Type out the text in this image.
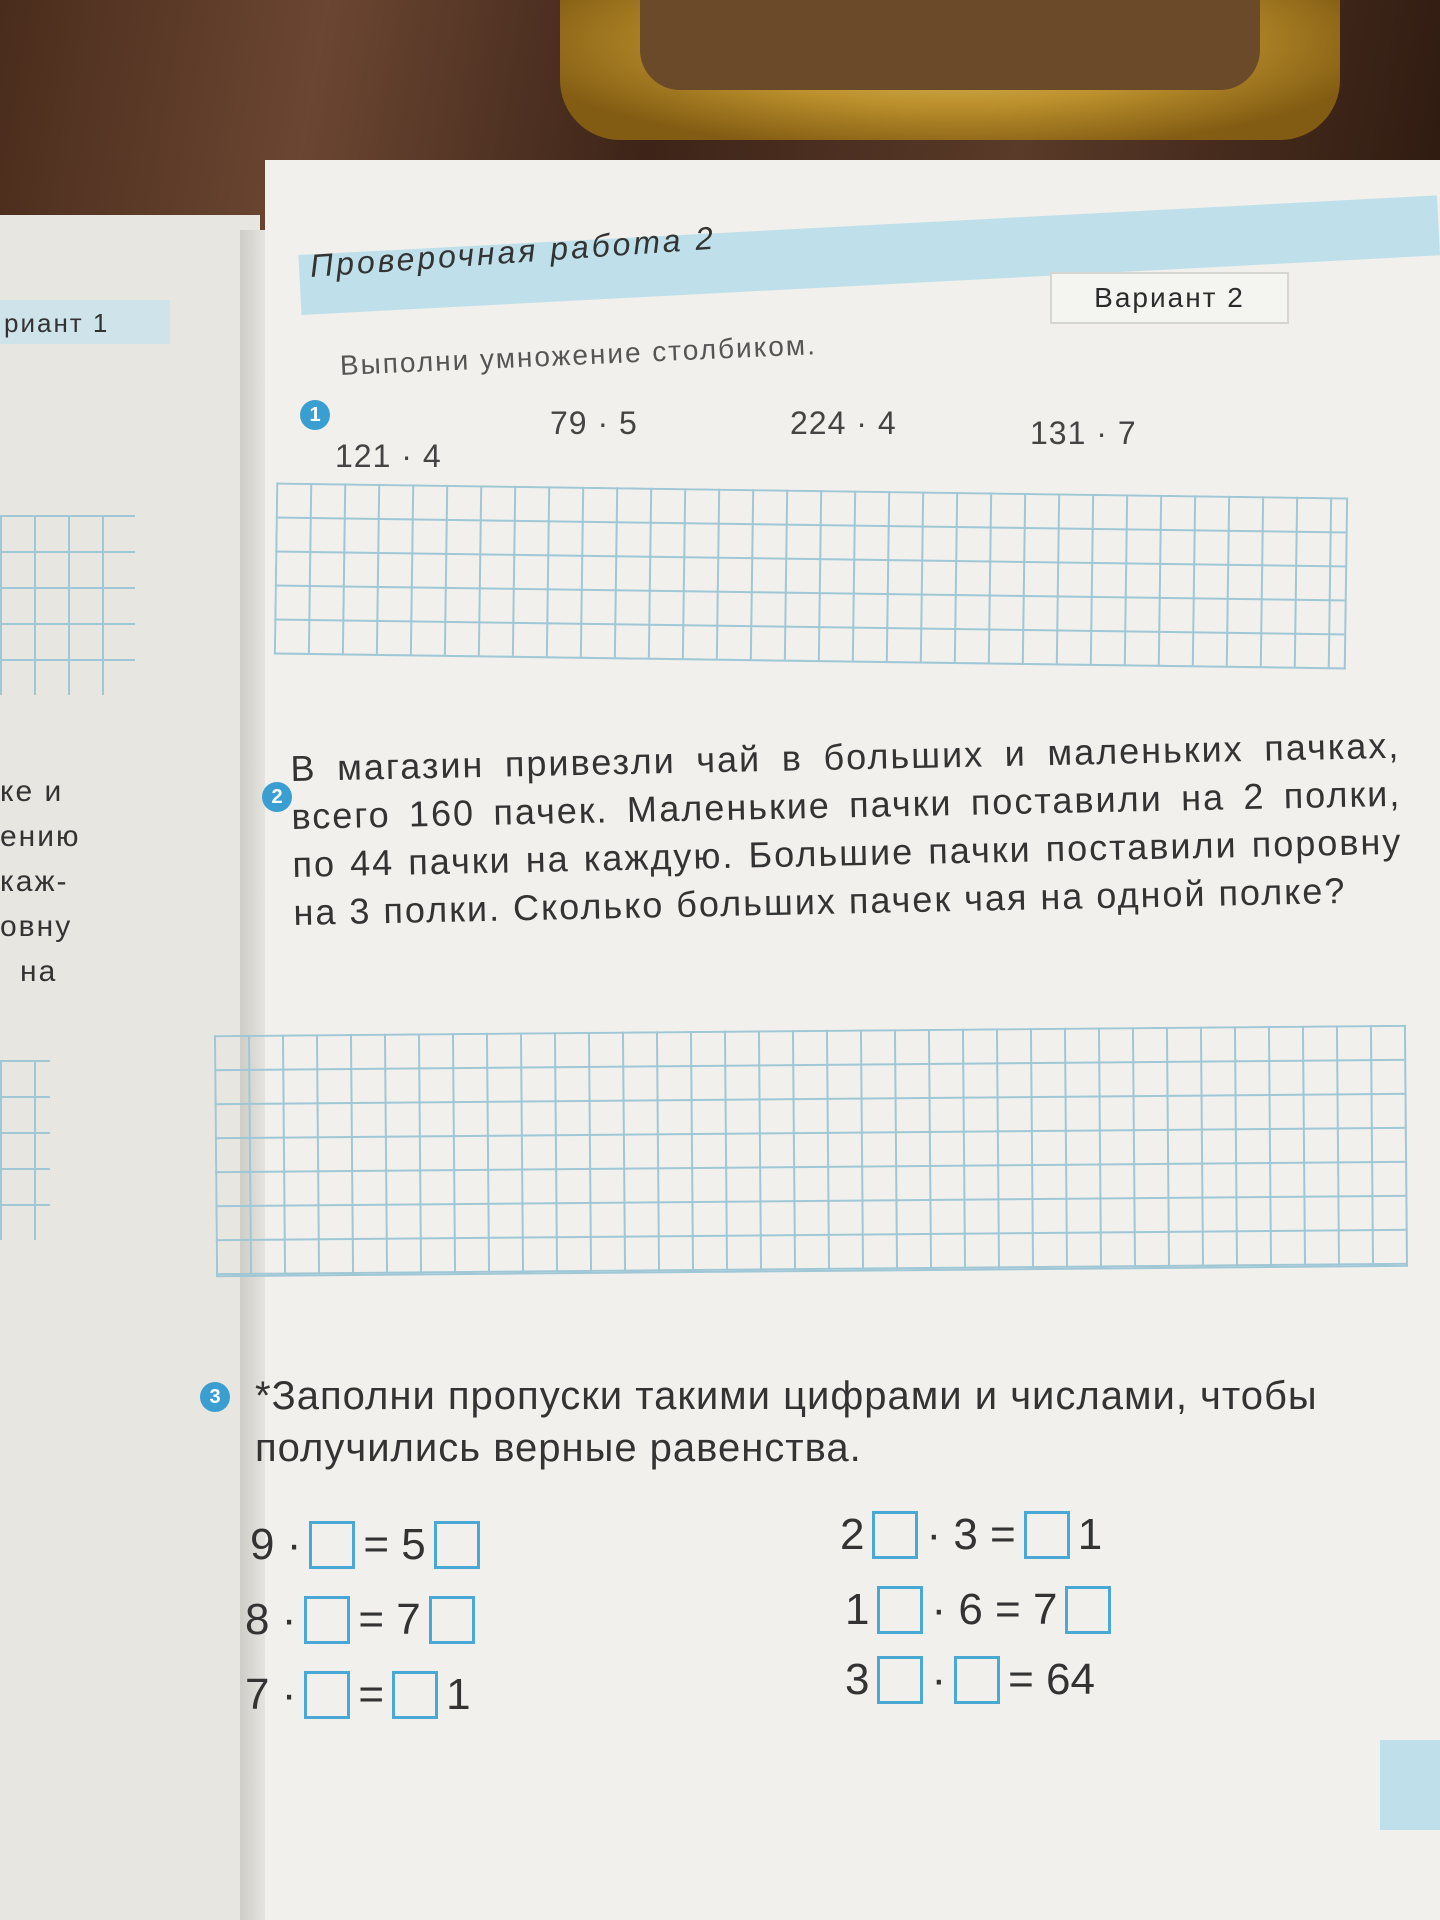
риант 1
ке и
ению
каж-
овну
на
Проверочная работа 2
Вариант 2
1
Выполни умножение столбиком.
121 · 4
79 · 5	224 · 4	131 · 7
2
В магазин привезли чай в больших и маленьких пачках, всего 160 пачек. Маленькие пачки поставили на 2 полки, по 44 пачки на каждую. Большие пачки поставили поровну на 3 полки. Сколько больших пачек чая на одной полке?
3 *Заполни пропуски такими цифрами и числами, чтобы получились верные равенства.
9 · = 5
8 · = 7
7 · = 1
2 · 3 = 1
1 · 6 = 7
3 · = 64
